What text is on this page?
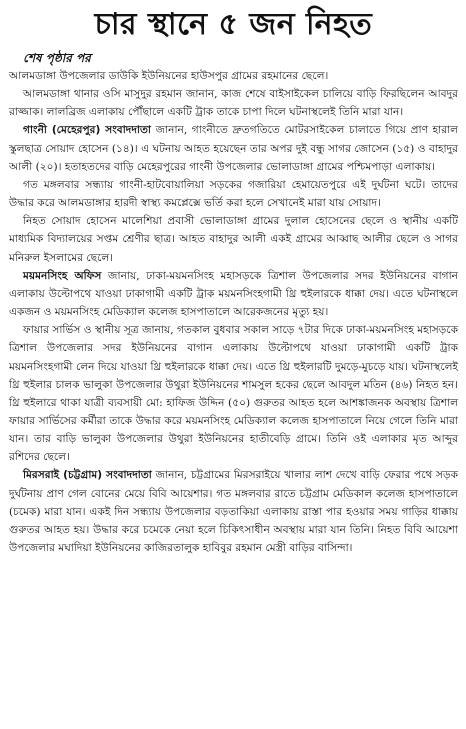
চার স্থানে ৫ জন নিহত
শেষ পৃষ্ঠার পর

আলমডাঙ্গা উপজেলার ডাউকি ইউনিয়নের হাউসপুর গ্রামের রহমানের ছেলে।

আলমডাঙ্গা থানার ওসি মাসুদুর রহমান জানান, কাজ শেষে বাইসাইকেল চালিয়ে বাড়ি ফিরছিলেন আবদুর রাজ্জাক। লালব্রিজ এলাকায় পৌঁছালে একটি ট্রাক তাকে চাপা দিলে ঘটনাস্থলেই তিনি মারা যান।

গাংনী (মেহেরপুর) সংবাদদাতা জানান, গাংনীতে দ্রুতগতিতে মোটরসাইকেল চালাতে গিয়ে প্রাণ হারাল স্কুলছাত্র সোয়াদ হোসেন (১৪)। এ ঘটনায় আহত হয়েছেন তার অপর দুই বন্ধু সাগর জোসেন (১৫) ও বাহাদুর আলী (২০)। হতাহতদের বাড়ি মেহেরপুরের গাংনী উপজেলার ভোলাডাঙ্গা গ্রামের পশ্চিমপাড়া এলাকায়।

গত মঙ্গলবার সন্ধ্যায় গাংনী-হাটবোয়ালিয়া সড়কের গজারিয়া হেমায়েতপুরে এই দুর্ঘটনা ঘটে। তাদের উদ্ধার করে আলমডাঙ্গার হারদী স্বাস্থ্য কমপ্লেক্সে ভর্তি করা হলে সেখানেই মারা যায় সোয়াদ।

নিহত সোয়াদ হোসেন মালেশিয়া প্রবাসী ভোলাডাঙ্গা গ্রামের দুলাল হোসেনের ছেলে ও স্থানীয় একটি মাধ্যমিক বিদ্যালয়ের সপ্তম শ্রেণীর ছাত্র। আহত বাহাদুর আলী একই গ্রামের আব্বাছ আলীর ছেলে ও সাগর মনিরুল ইসলামের ছেলে।

ময়মনসিংহ অফিস জানায়, ঢাকা-ময়মনসিংহ মহাসড়কে ত্রিশাল উপজেলার সদর ইউনিয়নের বাগান এলাকায় উল্টোপথে যাওয়া ঢাকাগামী একটি ট্রাক ময়মনসিংহগামী থ্রি হুইলারকে ধাক্কা দেয়। এতে ঘটনাস্থলে একজন ও ময়মনসিংহ মেডিক্যাল কলেজ হাসপাতালে আরেকজনের মৃত্যু হয়।

ফায়ার সার্ভিস ও স্থানীয় সূত্র জানায়, গতকাল বুধবার সকাল সাড়ে ৭টার দিকে ঢাকা-ময়মনসিংহ মহাসড়কে ত্রিশাল উপজেলার সদর ইউনিয়নের বাগান এলাকায় উল্টোপথে যাওয়া ঢাকাগামী একটি ট্রাক ময়মনসিংহগামী লেন দিয়ে যাওয়া থ্রি হুইলারকে ধাক্কা দেয়। এতে থ্রি হুইলারটি দুমড়ে-মুচড়ে যায়। ঘটনাস্থলেই থ্রি হুইলার চালক ভালুকা উপজেলার উথুরা ইউনিয়নের শামসুল হকের ছেলে আবদুল মতিন (৪৬) নিহত হন। থ্রি হুইলারে থাকা যাত্রী ব্যবসায়ী মো: হাফিজ উদ্দিন (৫০) গুরুতর আহত হলে আশঙ্কাজনক অবস্থায় ত্রিশাল ফায়ার সার্ভিসের কর্মীরা তাকে উদ্ধার করে ময়মনসিংহ মেডিক্যাল কলেজ হাসপাতালে নিয়ে গেলে তিনি মারা যান। তার বাড়ি ভালুকা উপজেলার উথুরা ইউনিয়নের হাতীবেড়ি গ্রামে। তিনি ওই এলাকার মৃত আব্দুর রশিদের ছেলে।

মিরসরাই (চট্টগ্রাম) সংবাদদাতা জানান, চট্টগ্রামের মিরসরাইয়ে খালার লাশ দেখে বাড়ি ফেরার পথে সড়ক দুর্ঘটনায় প্রাণ গেল বোনের মেয়ে বিবি আয়েশার। গত মঙ্গলবার রাতে চট্টগ্রাম মেডিকাল কলেজ হাসপাতালে (চমেক) মারা যান। একই দিন সন্ধ্যায় উপজেলার বড়তাকিয়া এলাকায় রাস্তা পার হওয়ার সময় গাড়ির ধাক্কায় গুরুতর আহত হয়। উদ্ধার করে চমেকে নেয়া হলে চিকিৎসাধীন অবস্থায় মারা যান তিনি। নিহত বিবি আয়েশা উপজেলার মঘাদিয়া ইউনিয়নের কাজিরতালুক হাবিবুর রহমান মেস্ত্রী বাড়ির বাসিন্দা।
